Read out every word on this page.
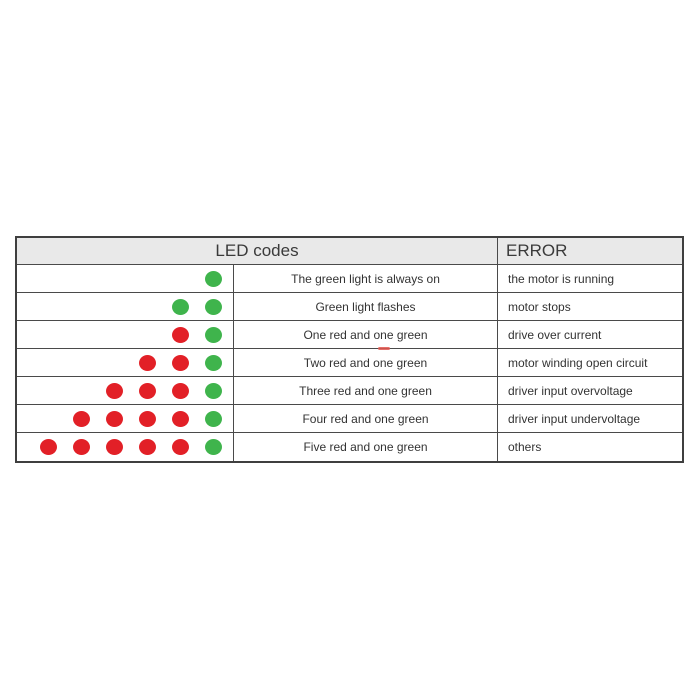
LED codes	ERROR
The green light is always on	the motor is running
Green light flashes	motor stops
One red and one green	drive over current
Two red and one green	motor winding open circuit
Three red and one green	driver input overvoltage
Four red and one green	driver input undervoltage
Five red and one green	others
